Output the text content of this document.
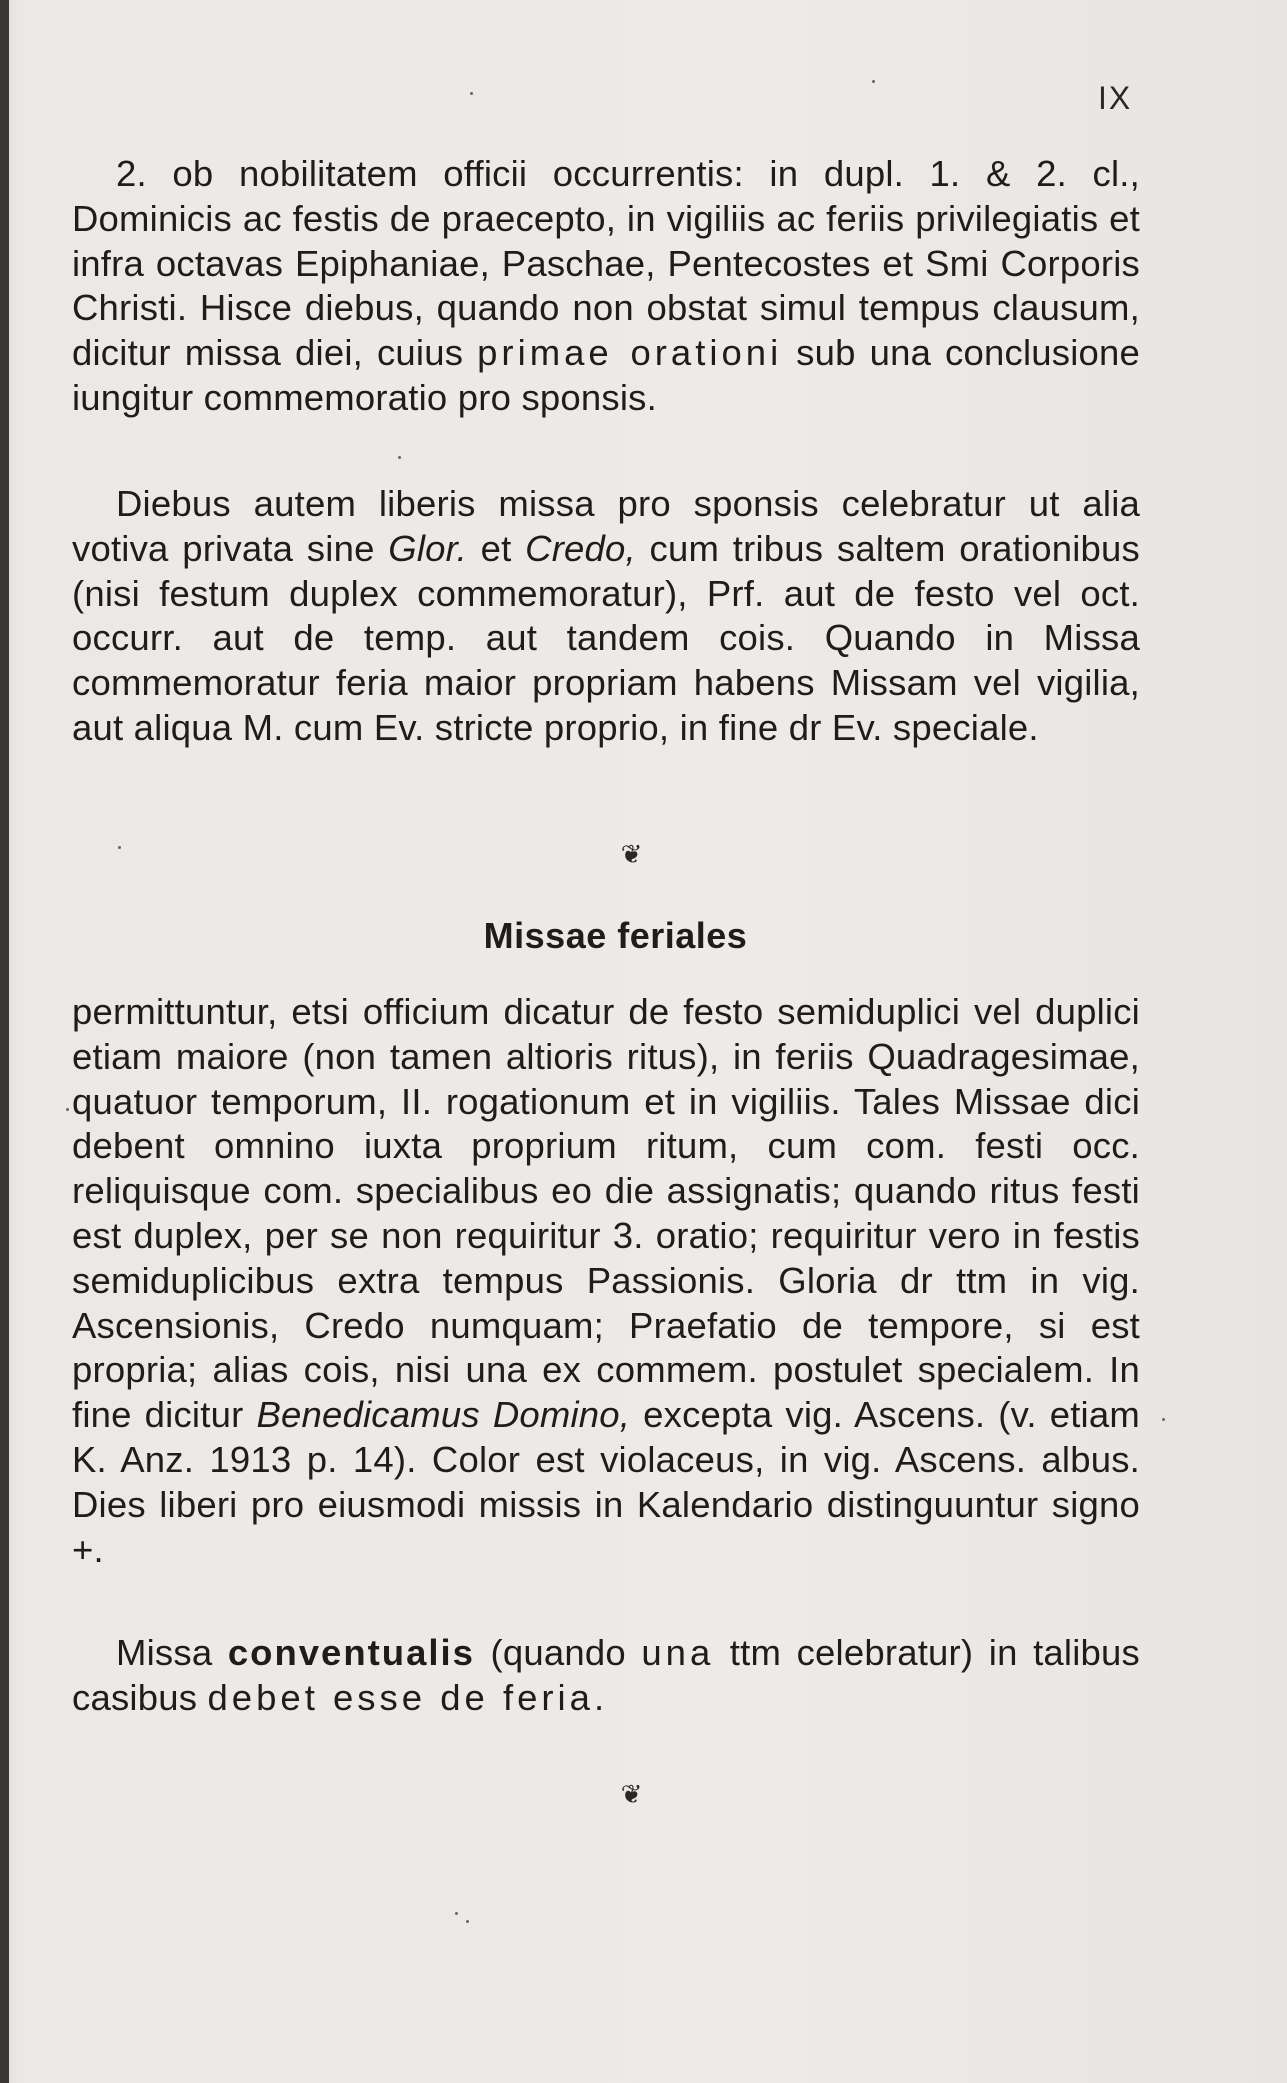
IX

2. ob nobilitatem officii occurrentis: in dupl. 1. & 2. cl., Dominicis ac festis de praecepto, in vigiliis ac feriis privilegiatis et infra octavas Epiphaniae, Paschae, Pentecostes et Smi Corporis Christi. Hisce diebus, quando non obstat simul tempus clausum, dicitur missa diei, cuius primae orationi sub una conclusione iungitur commemoratio pro sponsis.

Diebus autem liberis missa pro sponsis celebratur ut alia votiva privata sine Glor. et Credo, cum tribus saltem orationibus (nisi festum duplex commemoratur), Prf. aut de festo vel oct. occurr. aut de temp. aut tandem cois. Quando in Missa commemoratur feria maior propriam habens Missam vel vigilia, aut aliqua M. cum Ev. stricte proprio, in fine dr Ev. speciale.

❦
Missae feriales

permittuntur, etsi officium dicatur de festo semiduplici vel duplici etiam maiore (non tamen altioris ritus), in feriis Quadragesimae, quatuor temporum, II. rogationum et in vigiliis. Tales Missae dici debent omnino iuxta proprium ritum, cum com. festi occ. reliquisque com. specialibus eo die assignatis; quando ritus festi est duplex, per se non requiritur 3. oratio; requiritur vero in festis semiduplicibus extra tempus Passionis. Gloria dr ttm in vig. Ascensionis, Credo numquam; Praefatio de tempore, si est propria; alias cois, nisi una ex commem. postulet specialem. In fine dicitur Benedicamus Domino, excepta vig. Ascens. (v. etiam K. Anz. 1913 p. 14). Color est violaceus, in vig. Ascens. albus. Dies liberi pro eiusmodi missis in Kalendario distinguuntur signo +.

Missa conventualis (quando una ttm celebratur) in talibus casibus debet esse de feria.

❦
